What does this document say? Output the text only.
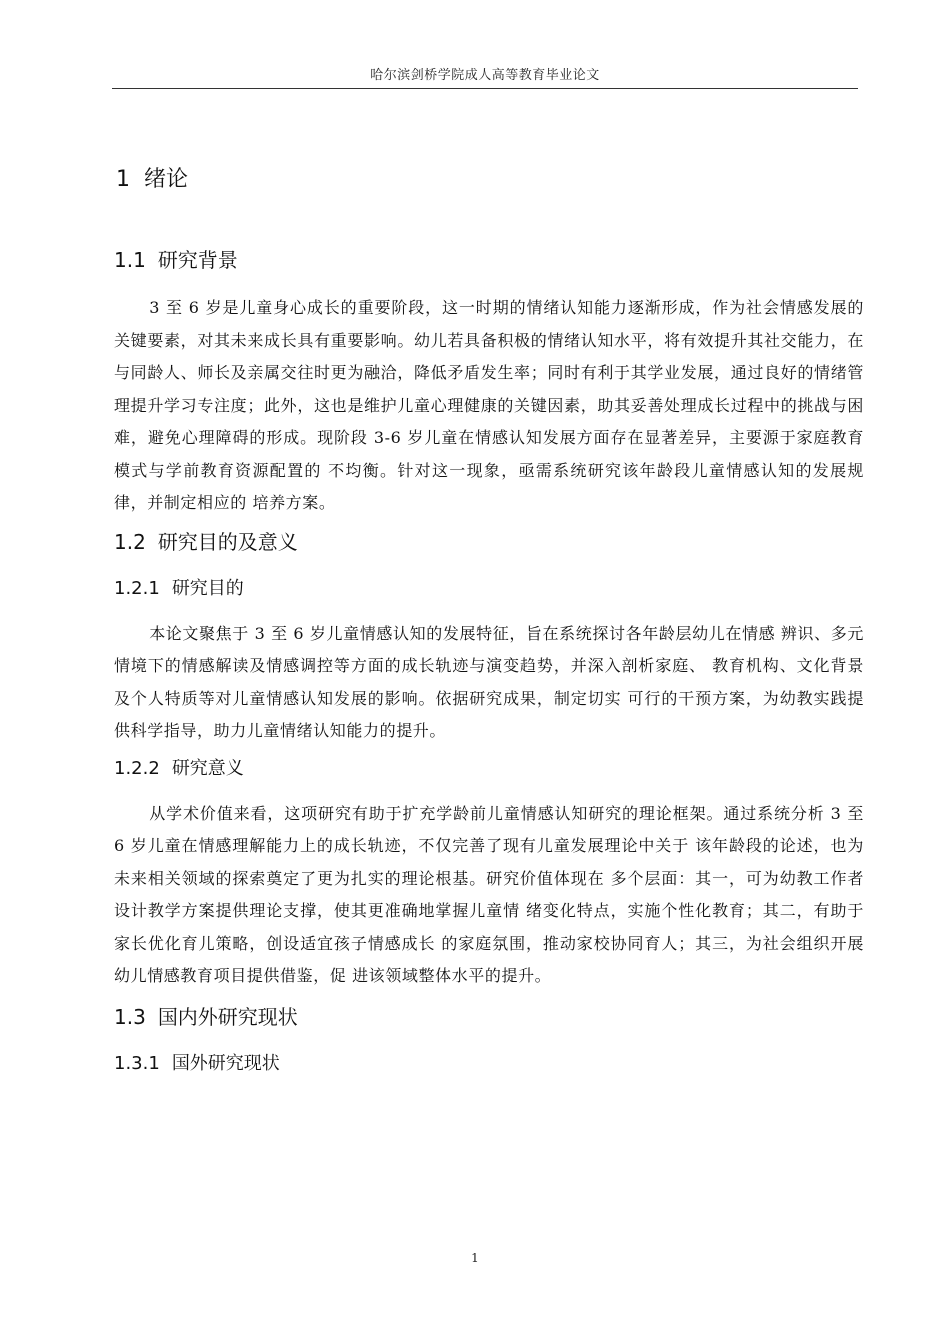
哈尔滨剑桥学院成人高等教育毕业论文
1 绪论
1.1 研究背景

3 至 6 岁是儿童身心成长的重要阶段，这一时期的情绪认知能力逐渐形成，作为社会情感发展的关键要素，对其未来成长具有重要影响。幼儿若具备积极的情绪认知水平，将有效提升其社交能力，在与同龄人、师长及亲属交往时更为融洽，降低矛盾发生率；同时有利于其学业发展，通过良好的情绪管理提升学习专注度；此外，这也是维护儿童心理健康的关键因素，助其妥善处理成长过程中的挑战与困难，避免心理障碍的形成。现阶段 3-6 岁儿童在情感认知发展方面存在显著差异，主要源于家庭教育模式与学前教育资源配置的 不均衡。针对这一现象，亟需系统研究该年龄段儿童情感认知的发展规律，并制定相应的 培养方案。

1.2 研究目的及意义
1.2.1 研究目的

本论文聚焦于 3 至 6 岁儿童情感认知的发展特征，旨在系统探讨各年龄层幼儿在情感 辨识、多元情境下的情感解读及情感调控等方面的成长轨迹与演变趋势，并深入剖析家庭、 教育机构、文化背景及个人特质等对儿童情感认知发展的影响。依据研究成果，制定切实 可行的干预方案，为幼教实践提供科学指导，助力儿童情绪认知能力的提升。

1.2.2 研究意义

从学术价值来看，这项研究有助于扩充学龄前儿童情感认知研究的理论框架。通过系统分析 3 至 6 岁儿童在情感理解能力上的成长轨迹，不仅完善了现有儿童发展理论中关于 该年龄段的论述，也为未来相关领域的探索奠定了更为扎实的理论根基。研究价值体现在 多个层面：其一，可为幼教工作者设计教学方案提供理论支撑，使其更准确地掌握儿童情 绪变化特点，实施个性化教育；其二，有助于家长优化育儿策略，创设适宜孩子情感成长 的家庭氛围，推动家校协同育人；其三，为社会组织开展幼儿情感教育项目提供借鉴，促 进该领域整体水平的提升。

1.3 国内外研究现状
1.3.1 国外研究现状
1
